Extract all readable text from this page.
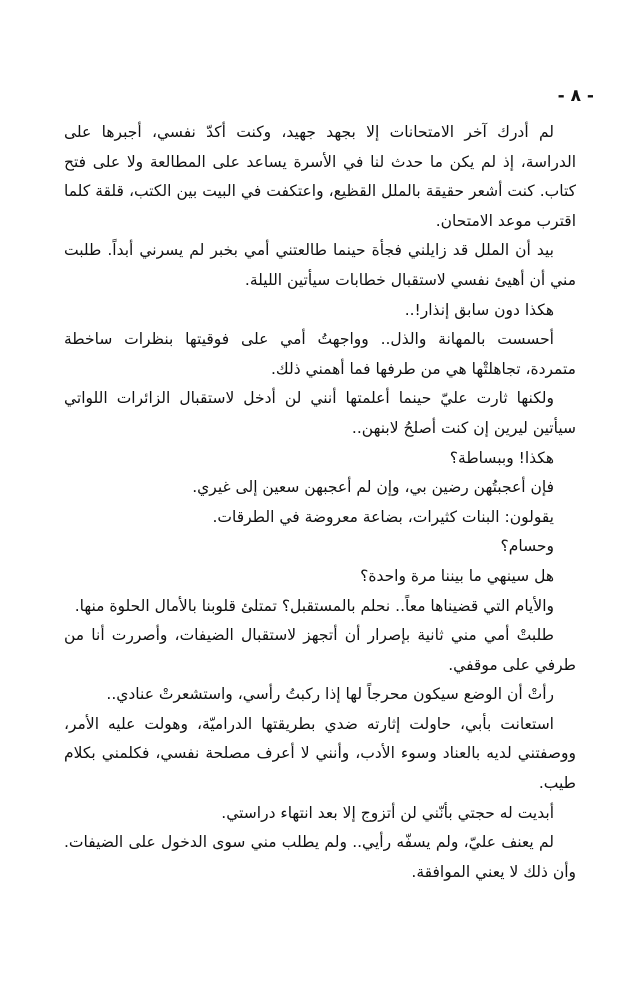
- ٨ -

لم أدرك آخر الامتحانات إلا بجهد جهيد، وكنت أكدّ نفسي، أجبرها على الدراسة، إذ لم يكن ما حدث لنا في الأسرة يساعد على المطالعة ولا على فتح كتاب. كنت أشعر حقيقة بالملل القظيع، واعتكفت في البيت بين الكتب، قلقة كلما اقترب موعد الامتحان.

بيد أن الملل قد زايلني فجأة حينما طالعتني أمي بخبر لم يسرني أبداً. طلبت مني أن أهيئ نفسي لاستقبال خطابات سيأتين الليلة.

هكذا دون سابق إنذار!..

أحسست بالمهانة والذل.. وواجهتُ أمي على فوقيتها بنظرات ساخطة متمردة، تجاهلتْها هي من طرفها فما أهمني ذلك.

ولكنها ثارت عليّ حينما أعلمتها أنني لن أدخل لاستقبال الزائرات اللواتي سيأتين ليرين إن كنت أصلحُ لابنهن..

هكذا! وببساطة؟

فإن أعجبتُهن رضين بي، وإن لم أعجبهن سعين إلى غيري.

يقولون: البنات كثيرات، بضاعة معروضة في الطرقات.

وحسام؟

هل سينهي ما بيننا مرة واحدة؟

والأيام التي قضيناها معاً.. نحلم بالمستقبل؟ تمتلئ قلوبنا بالأمال الحلوة منها.

طلبتْ أمي مني ثانية بإصرار أن أتجهز لاستقبال الضيفات، وأصررت أنا من طرفي على موقفي.

رأتْ أن الوضع سيكون محرجاً لها إذا ركبتُ رأسي، واستشعرتْ عنادي..

استعانت بأبي، حاولت إثارته ضدي بطريقتها الدراميّة، وهولت عليه الأمر، ووصفتني لديه بالعناد وسوء الأدب، وأنني لا أعرف مصلحة نفسي، فكلمني بكلام طيب.

أبديت له حجتي بأنّني لن أتزوج إلا بعد انتهاء دراستي.

لم يعنف عليّ، ولم يسفّه رأيي.. ولم يطلب مني سوى الدخول على الضيفات. وأن ذلك لا يعني الموافقة.
